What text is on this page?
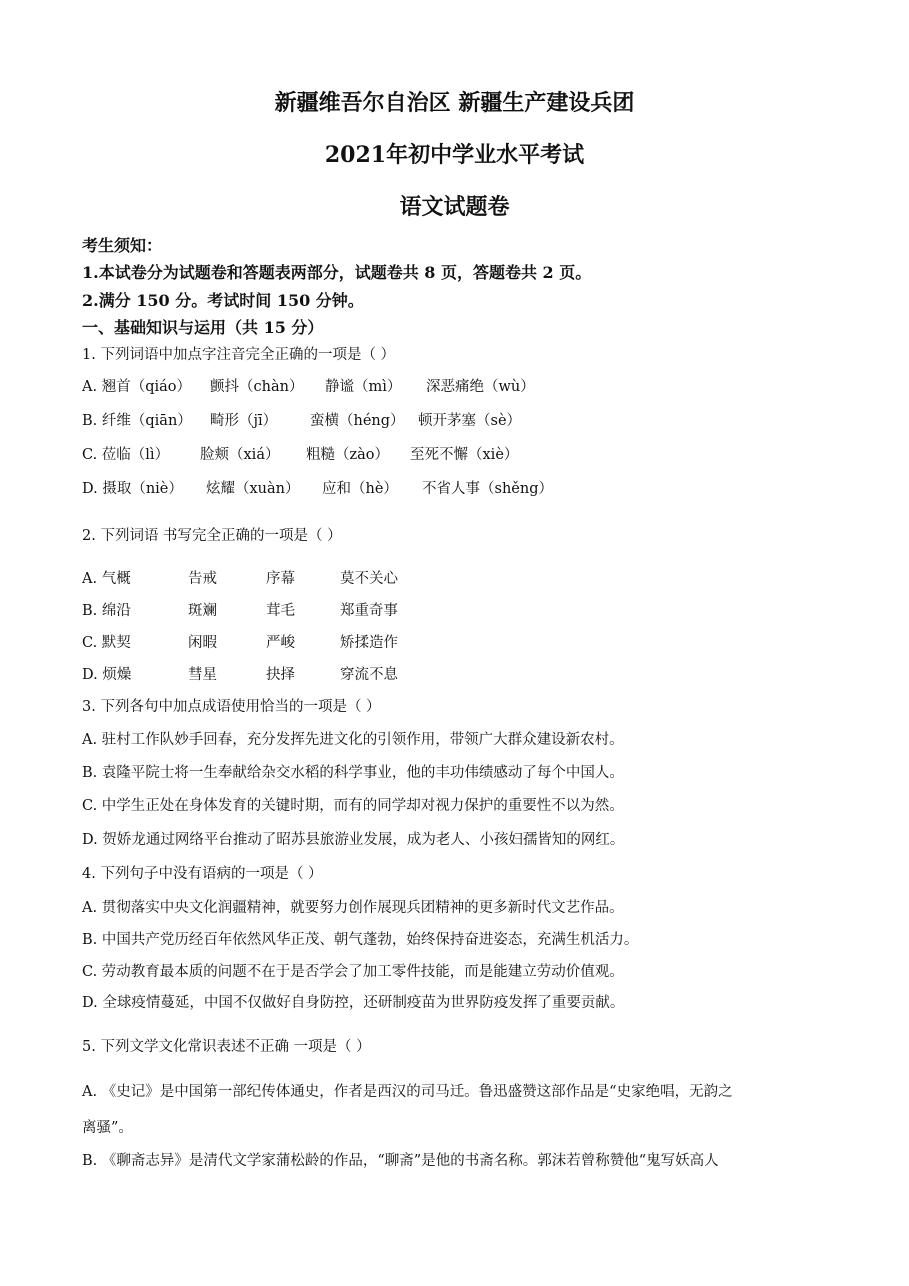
新疆维吾尔自治区 新疆生产建设兵团
2021年初中学业水平考试
语文试题卷
考生须知：
1.本试卷分为试题卷和答题表两部分，试题卷共 8 页，答题卷共 2 页。
2.满分 150 分。考试时间 150 分钟。
一、基础知识与运用（共 15 分）
1. 下列词语中加点字注音完全正确的一项是（ ）
A. 翘首（qiáo） 颤抖（chàn） 静谧（mì） 深恶痛绝（wù）
B. 纤维（qiān） 畸形（jī） 蛮横（héng） 顿开茅塞（sè）
C. 莅临（lì） 脸颊（xiá） 粗糙（zào） 至死不懈（xiè）
D. 摄取（niè） 炫耀（xuàn） 应和（hè） 不省人事（shěng）
2. 下列词语 书写完全正确的一项是（ ）
A. 气概	告戒	序幕	莫不关心
B. 绵沿	斑斓	茸毛	郑重奇事
C. 默契	闲暇	严峻	矫揉造作
D. 烦燥	彗星	抉择	穿流不息
3. 下列各句中加点成语使用恰当的一项是（ ）
A. 驻村工作队妙手回春，充分发挥先进文化的引领作用，带领广大群众建设新农村。
B. 袁隆平院士将一生奉献给杂交水稻的科学事业，他的丰功伟绩感动了每个中国人。
C. 中学生正处在身体发育的关键时期，而有的同学却对视力保护的重要性不以为然。
D. 贺娇龙通过网络平台推动了昭苏县旅游业发展，成为老人、小孩妇孺皆知的网红。
4. 下列句子中没有语病的一项是（ ）
A. 贯彻落实中央文化润疆精神，就要努力创作展现兵团精神的更多新时代文艺作品。
B. 中国共产党历经百年依然风华正茂、朝气蓬勃，始终保持奋进姿态，充满生机活力。
C. 劳动教育最本质的问题不在于是否学会了加工零件技能，而是能建立劳动价值观。
D. 全球疫情蔓延，中国不仅做好自身防控，还研制疫苗为世界防疫发挥了重要贡献。
5. 下列文学文化常识表述不正确 一项是（ ）
A. 《史记》是中国第一部纪传体通史，作者是西汉的司马迁。鲁迅盛赞这部作品是“史家绝唱，无韵之
离骚”。
B. 《聊斋志异》是清代文学家蒲松龄的作品，“聊斋”是他的书斋名称。郭沫若曾称赞他“鬼写妖高人
